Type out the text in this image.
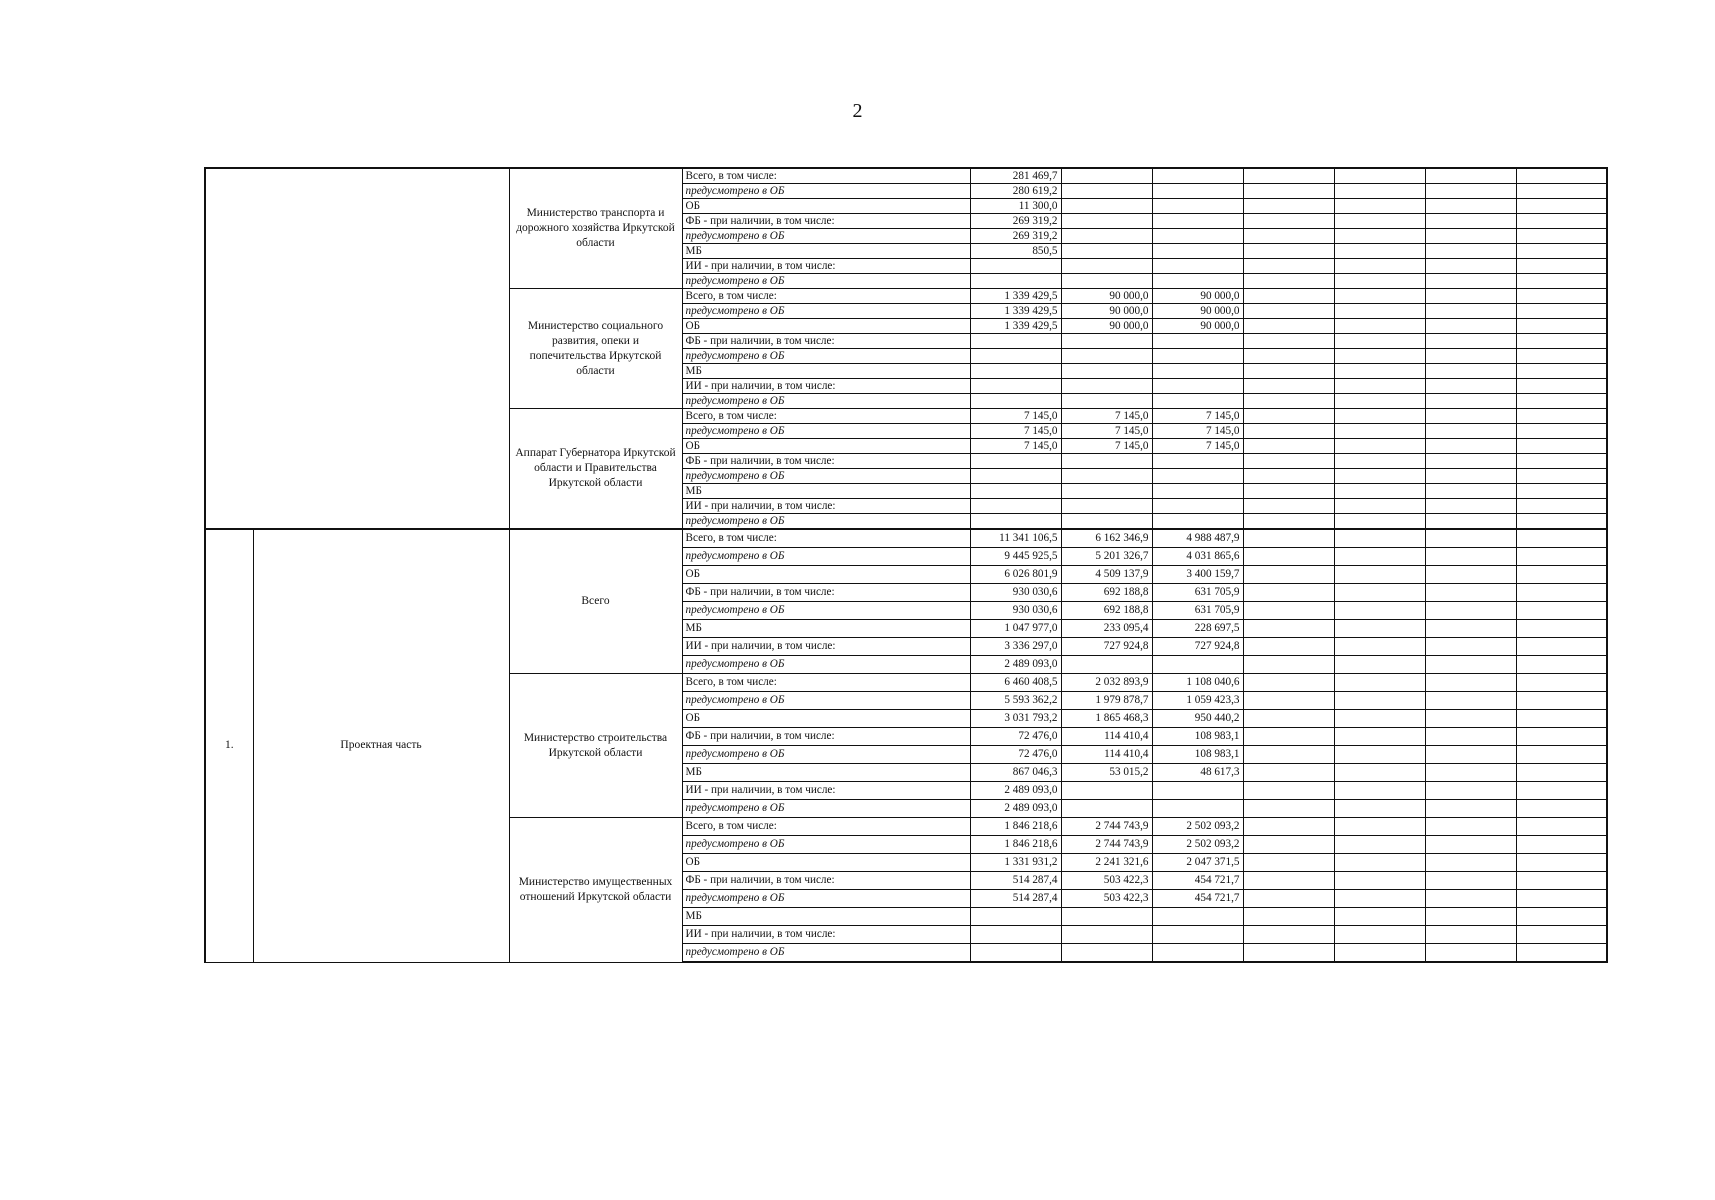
2
		Министерство транспорта и дорожного хозяйства Иркутской области	Всего, в том числе:	281 469,7						
			предусмотрено в ОБ	280 619,2						
			ОБ	11 300,0						
			ФБ - при наличии, в том числе:	269 319,2						
			предусмотрено в ОБ	269 319,2						
			МБ	850,5						
			ИИ - при наличии, в том числе:							
			предусмотрено в ОБ							
		Министерство социального развития, опеки и попечительства Иркутской области	Всего, в том числе:	1 339 429,5	90 000,0	90 000,0				
			предусмотрено в ОБ	1 339 429,5	90 000,0	90 000,0				
			ОБ	1 339 429,5	90 000,0	90 000,0				
			ФБ - при наличии, в том числе:							
			предусмотрено в ОБ							
			МБ							
			ИИ - при наличии, в том числе:							
			предусмотрено в ОБ							
		Аппарат Губернатора Иркутской области и Правительства Иркутской области	Всего, в том числе:	7 145,0	7 145,0	7 145,0				
			предусмотрено в ОБ	7 145,0	7 145,0	7 145,0				
			ОБ	7 145,0	7 145,0	7 145,0				
			ФБ - при наличии, в том числе:							
			предусмотрено в ОБ							
			МБ							
			ИИ - при наличии, в том числе:							
			предусмотрено в ОБ							
1.	Проектная часть	Всего	Всего, в том числе:	11 341 106,5	6 162 346,9	4 988 487,9				
			предусмотрено в ОБ	9 445 925,5	5 201 326,7	4 031 865,6				
			ОБ	6 026 801,9	4 509 137,9	3 400 159,7				
			ФБ - при наличии, в том числе:	930 030,6	692 188,8	631 705,9				
			предусмотрено в ОБ	930 030,6	692 188,8	631 705,9				
			МБ	1 047 977,0	233 095,4	228 697,5				
			ИИ - при наличии, в том числе:	3 336 297,0	727 924,8	727 924,8				
			предусмотрено в ОБ	2 489 093,0						
		Министерство строительства Иркутской области	Всего, в том числе:	6 460 408,5	2 032 893,9	1 108 040,6				
			предусмотрено в ОБ	5 593 362,2	1 979 878,7	1 059 423,3				
			ОБ	3 031 793,2	1 865 468,3	950 440,2				
			ФБ - при наличии, в том числе:	72 476,0	114 410,4	108 983,1				
			предусмотрено в ОБ	72 476,0	114 410,4	108 983,1				
			МБ	867 046,3	53 015,2	48 617,3				
			ИИ - при наличии, в том числе:	2 489 093,0						
			предусмотрено в ОБ	2 489 093,0						
		Министерство имущественных отношений Иркутской области	Всего, в том числе:	1 846 218,6	2 744 743,9	2 502 093,2				
			предусмотрено в ОБ	1 846 218,6	2 744 743,9	2 502 093,2				
			ОБ	1 331 931,2	2 241 321,6	2 047 371,5				
			ФБ - при наличии, в том числе:	514 287,4	503 422,3	454 721,7				
			предусмотрено в ОБ	514 287,4	503 422,3	454 721,7				
			МБ							
			ИИ - при наличии, в том числе:							
			предусмотрено в ОБ							
